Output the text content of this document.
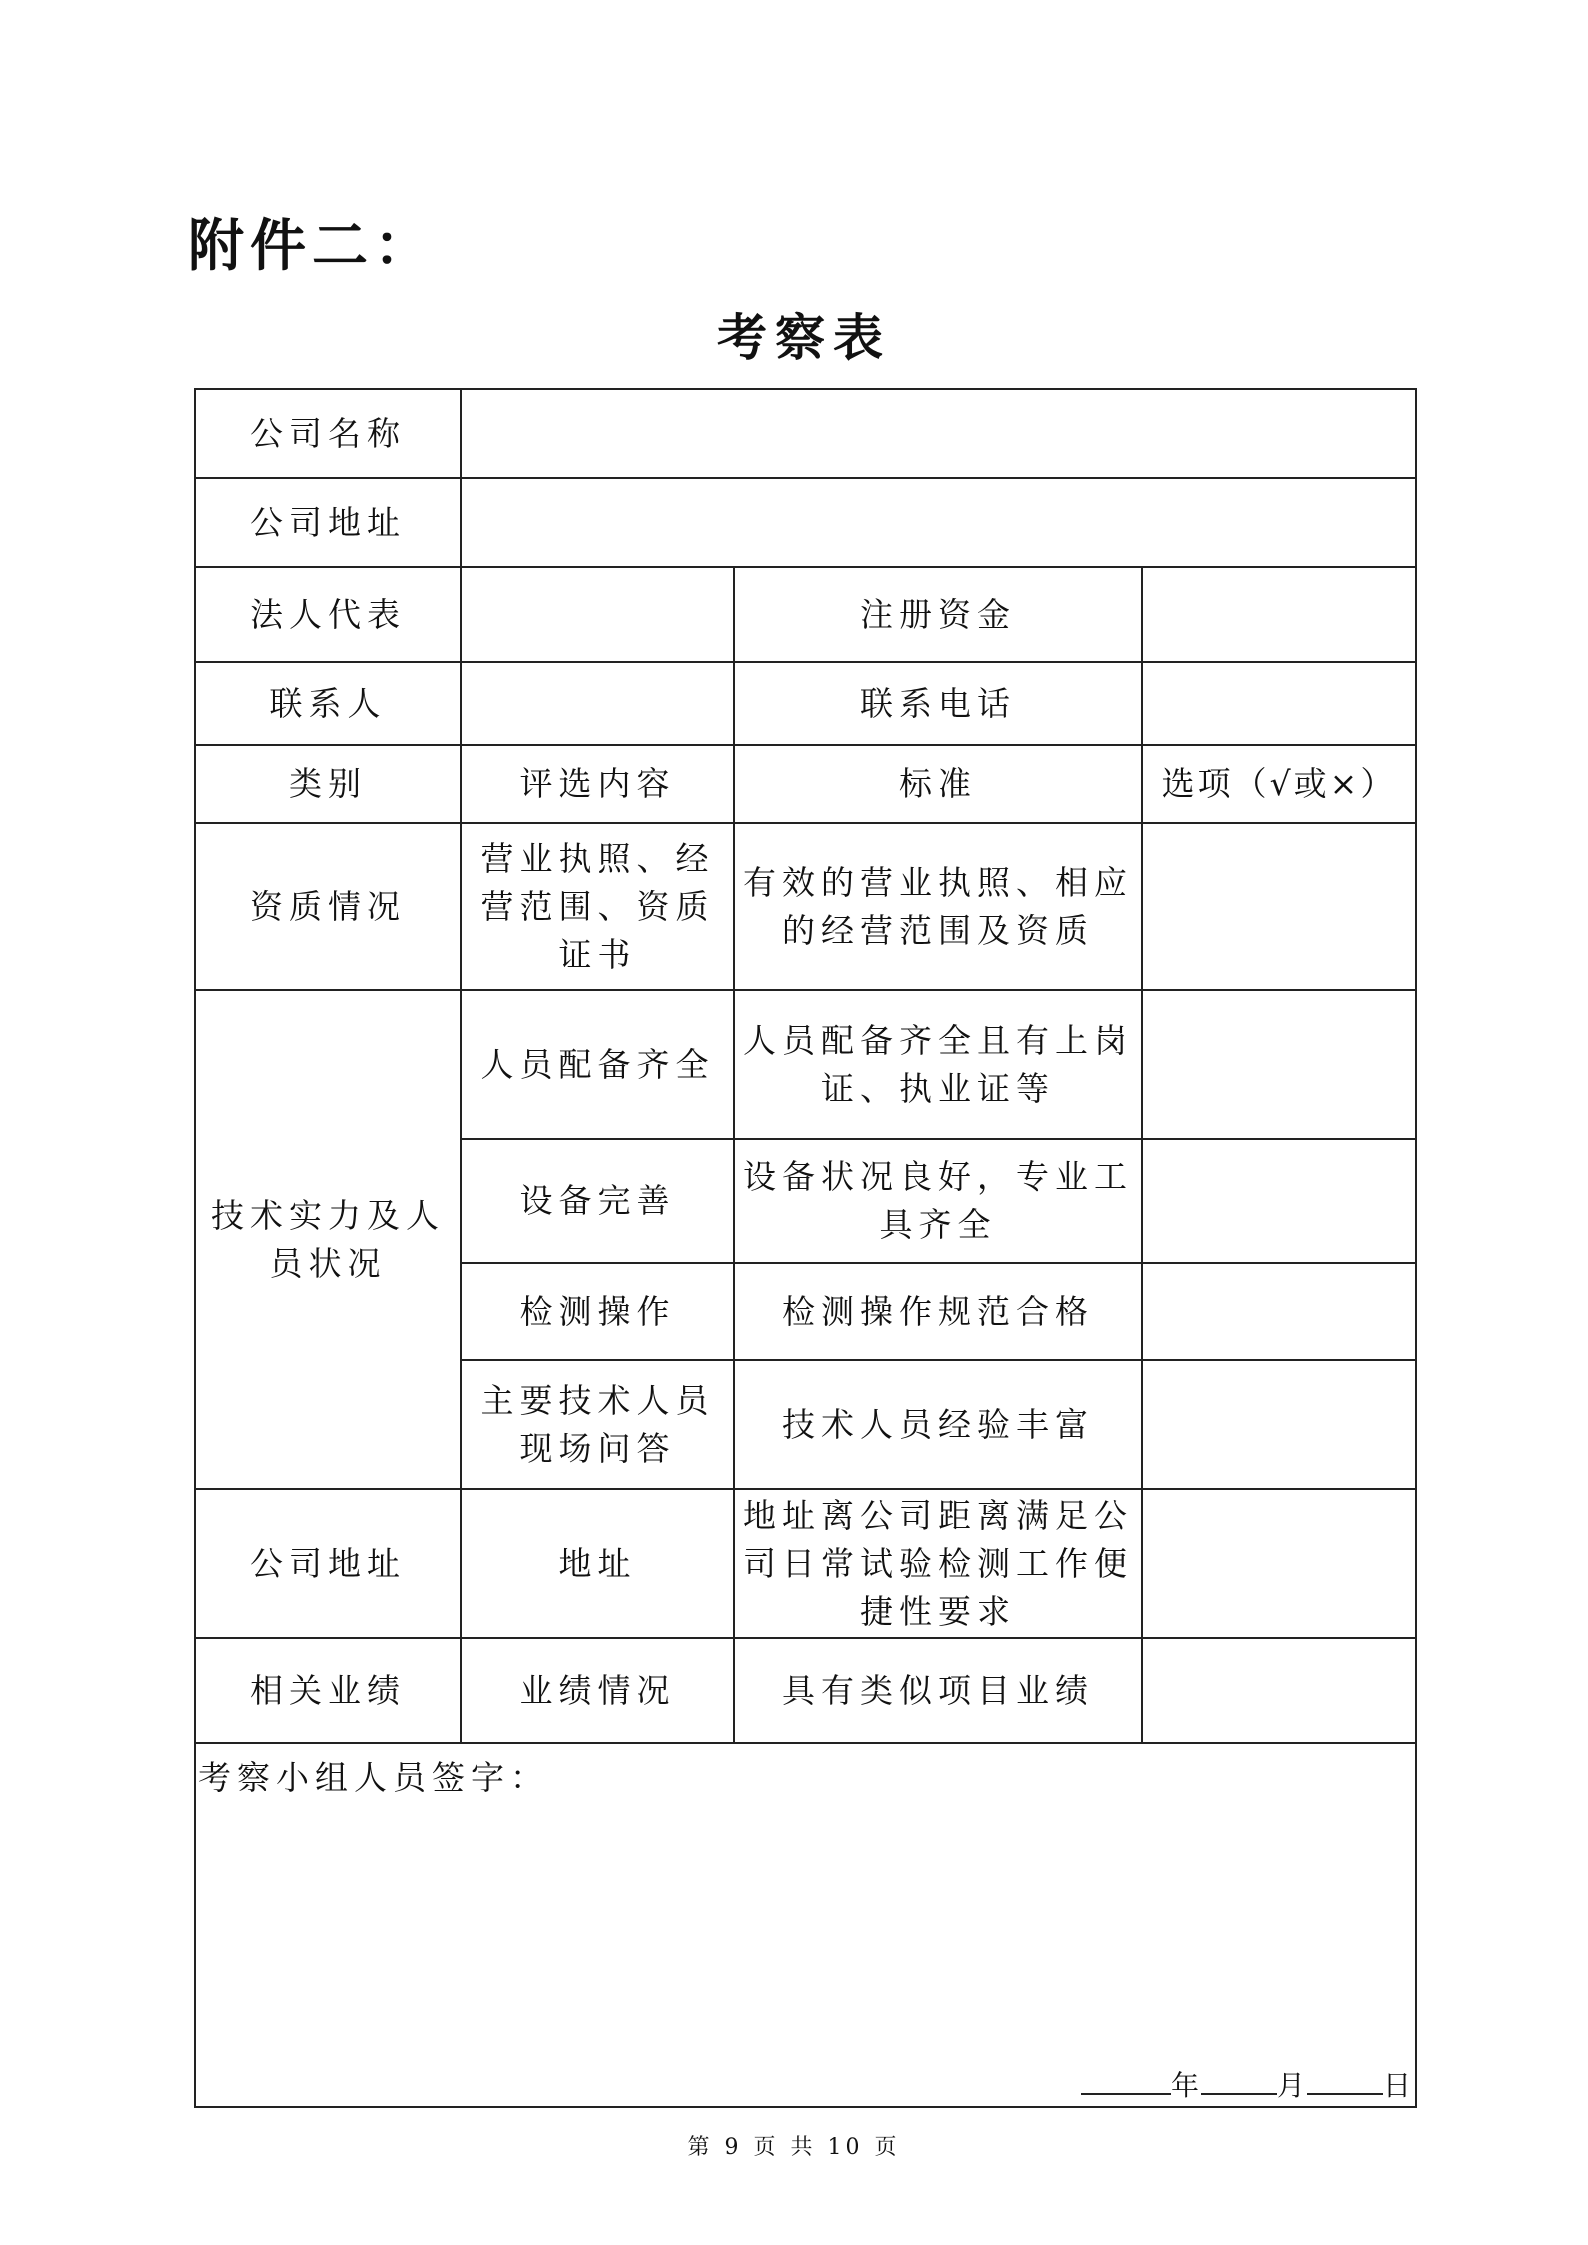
附件二：
考察表
公司名称			
公司地址			
法人代表		注册资金	
联系人		联系电话	
类别	评选内容	标准	选项（√或×）
资质情况	营业执照、经营范围、资质证书	有效的营业执照、相应的经营范围及资质	
技术实力及人员状况	人员配备齐全	人员配备齐全且有上岗证、执业证等	
	设备完善	设备状况良好，专业工具齐全	
	检测操作	检测操作规范合格	
	主要技术人员现场问答	技术人员经验丰富	
公司地址	地址	地址离公司距离满足公司日常试验检测工作便捷性要求	
相关业绩	业绩情况	具有类似项目业绩	

考察小组人员签字：
年 月 日			
第 9 页 共 10 页
